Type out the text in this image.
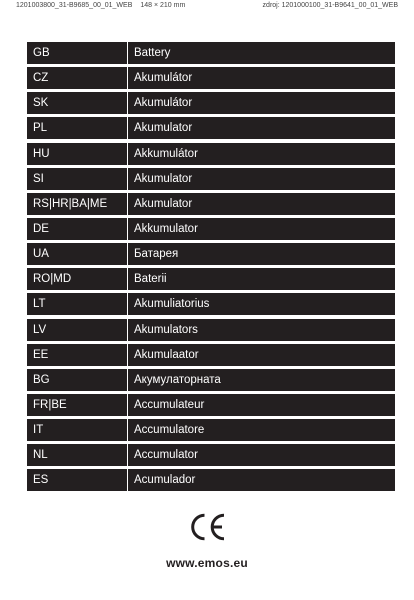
1201003800_31-B9685_00_01_WEB 148 × 210 mm	zdroj: 1201000100_31-B9641_00_01_WEB
GB	Battery
CZ	Akumulátor
SK	Akumulátor
PL	Akumulator
HU	Akkumulátor
SI	Akumulator
RS|HR|BA|ME	Akumulator
DE	Akkumulator
UA	Батарея
RO|MD	Baterii
LT	Akumuliatorius
LV	Akumulators
EE	Akumulaator
BG	Акумулаторната
FR|BE	Accumulateur
IT	Accumulatore
NL	Accumulator
ES	Acumulador
www.emos.eu
